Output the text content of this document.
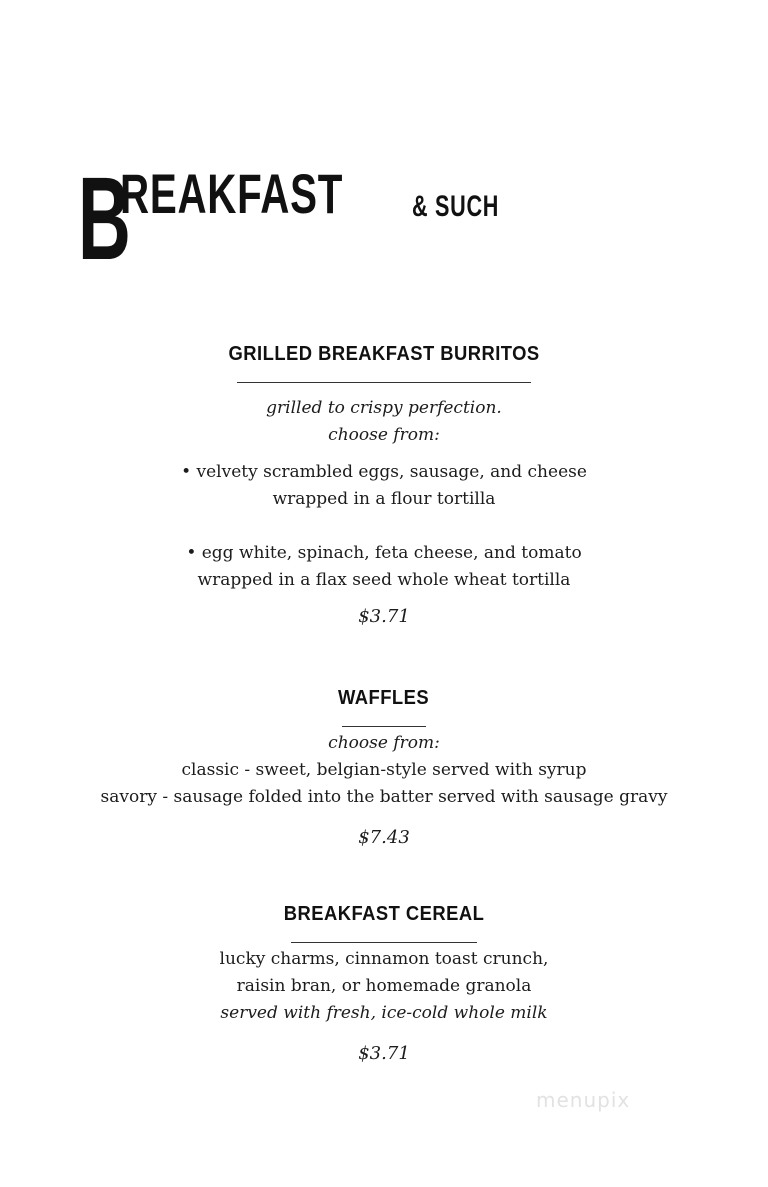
B
REAKFAST & SUCH
GRILLED BREAKFAST BURRITOS
grilled to crispy perfection.
choose from:
• velvety scrambled eggs, sausage, and cheese
wrapped in a flour tortilla
• egg white, spinach, feta cheese, and tomato
wrapped in a flax seed whole wheat tortilla
$3.71
WAFFLES
choose from:
classic - sweet, belgian-style served with syrup
savory - sausage folded into the batter served with sausage gravy
$7.43
BREAKFAST CEREAL
lucky charms, cinnamon toast crunch,
raisin bran, or homemade granola
served with fresh, ice-cold whole milk
$3.71
menupix
